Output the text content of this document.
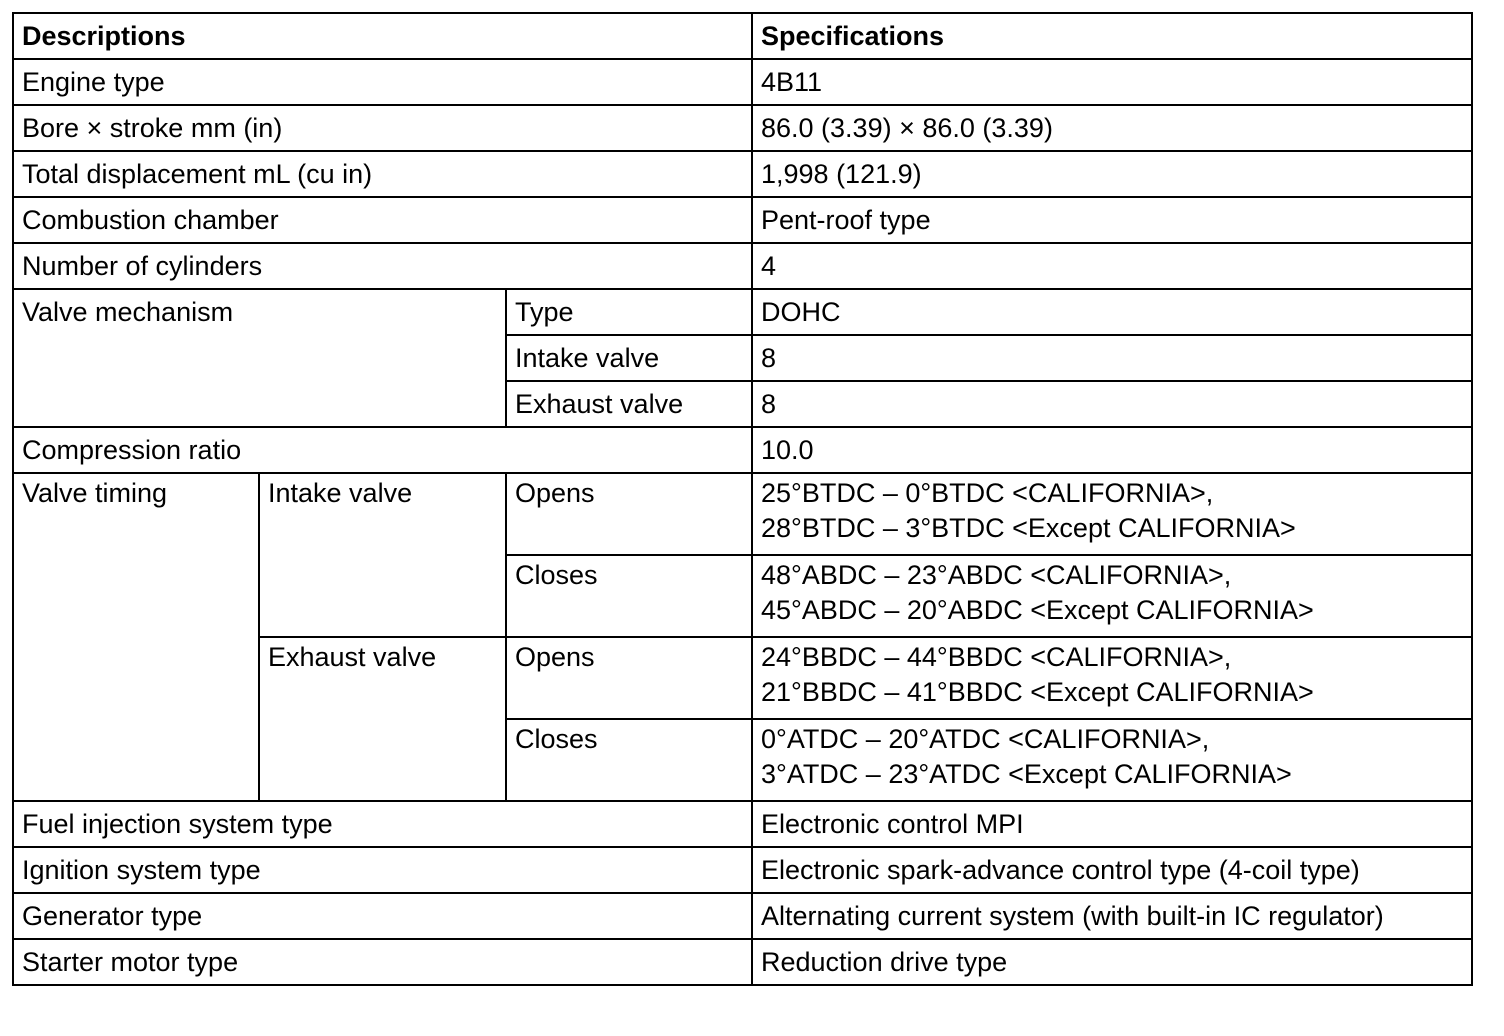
Descriptions			Specifications
Engine type			4B11
Bore × stroke mm (in)			86.0 (3.39) × 86.0 (3.39)
Total displacement mL (cu in)			1,998 (121.9)
Combustion chamber			Pent-roof type
Number of cylinders			4
Valve mechanism		Type	DOHC
		Intake valve	8
		Exhaust valve	8
Compression ratio			10.0
Valve timing	Intake valve	Opens	25°BTDC – 0°BTDC <CALIFORNIA>,
28°BTDC – 3°BTDC <Except CALIFORNIA>

		Closes	48°ABDC – 23°ABDC <CALIFORNIA>,
45°ABDC – 20°ABDC <Except CALIFORNIA>

	Exhaust valve	Opens	24°BBDC – 44°BBDC <CALIFORNIA>,
21°BBDC – 41°BBDC <Except CALIFORNIA>

		Closes	0°ATDC – 20°ATDC <CALIFORNIA>,
3°ATDC – 23°ATDC <Except CALIFORNIA>

Fuel injection system type			Electronic control MPI
Ignition system type			Electronic spark-advance control type (4-coil type)
Generator type			Alternating current system (with built-in IC regulator)
Starter motor type			Reduction drive type
